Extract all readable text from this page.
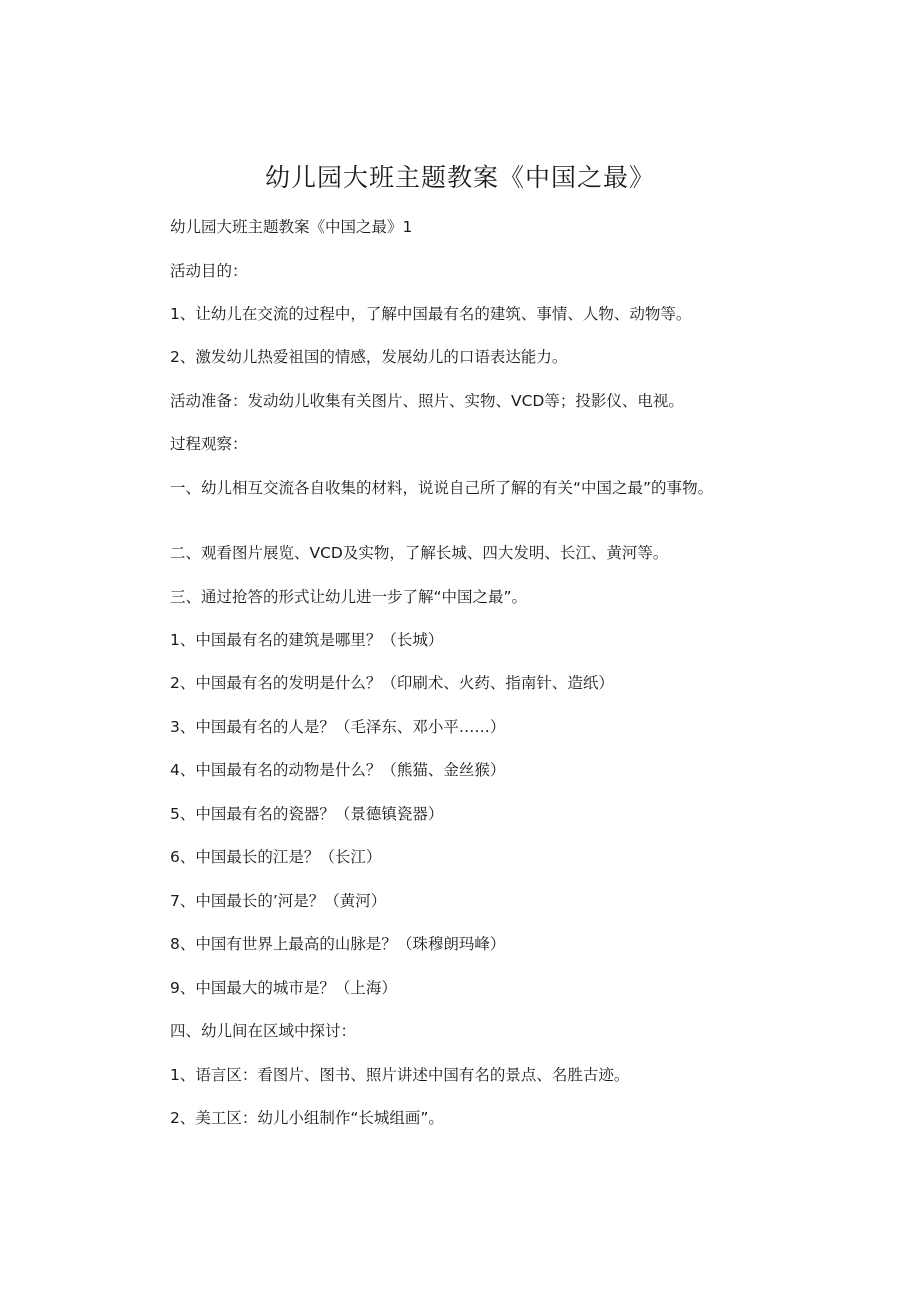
幼儿园大班主题教案《中国之最》

幼儿园大班主题教案《中国之最》1

活动目的：

1、让幼儿在交流的过程中，了解中国最有名的建筑、事情、人物、动物等。

2、激发幼儿热爱祖国的情感，发展幼儿的口语表达能力。

活动准备：发动幼儿收集有关图片、照片、实物、VCD等；投影仪、电视。

过程观察：

一、幼儿相互交流各自收集的材料，说说自己所了解的有关“中国之最”的事物。

二、观看图片展览、VCD及实物，了解长城、四大发明、长江、黄河等。

三、通过抢答的形式让幼儿进一步了解“中国之最”。

1、中国最有名的建筑是哪里？（长城）

2、中国最有名的发明是什么？（印刷术、火药、指南针、造纸）

3、中国最有名的人是？（毛泽东、邓小平……）

4、中国最有名的动物是什么？（熊猫、金丝猴）

5、中国最有名的瓷器？（景德镇瓷器）

6、中国最长的江是？（长江）

7、中国最长的’河是？（黄河）

8、中国有世界上最高的山脉是？（珠穆朗玛峰）

9、中国最大的城市是？（上海）

四、幼儿间在区域中探讨：

1、语言区：看图片、图书、照片讲述中国有名的景点、名胜古迹。

2、美工区：幼儿小组制作“长城组画”。
